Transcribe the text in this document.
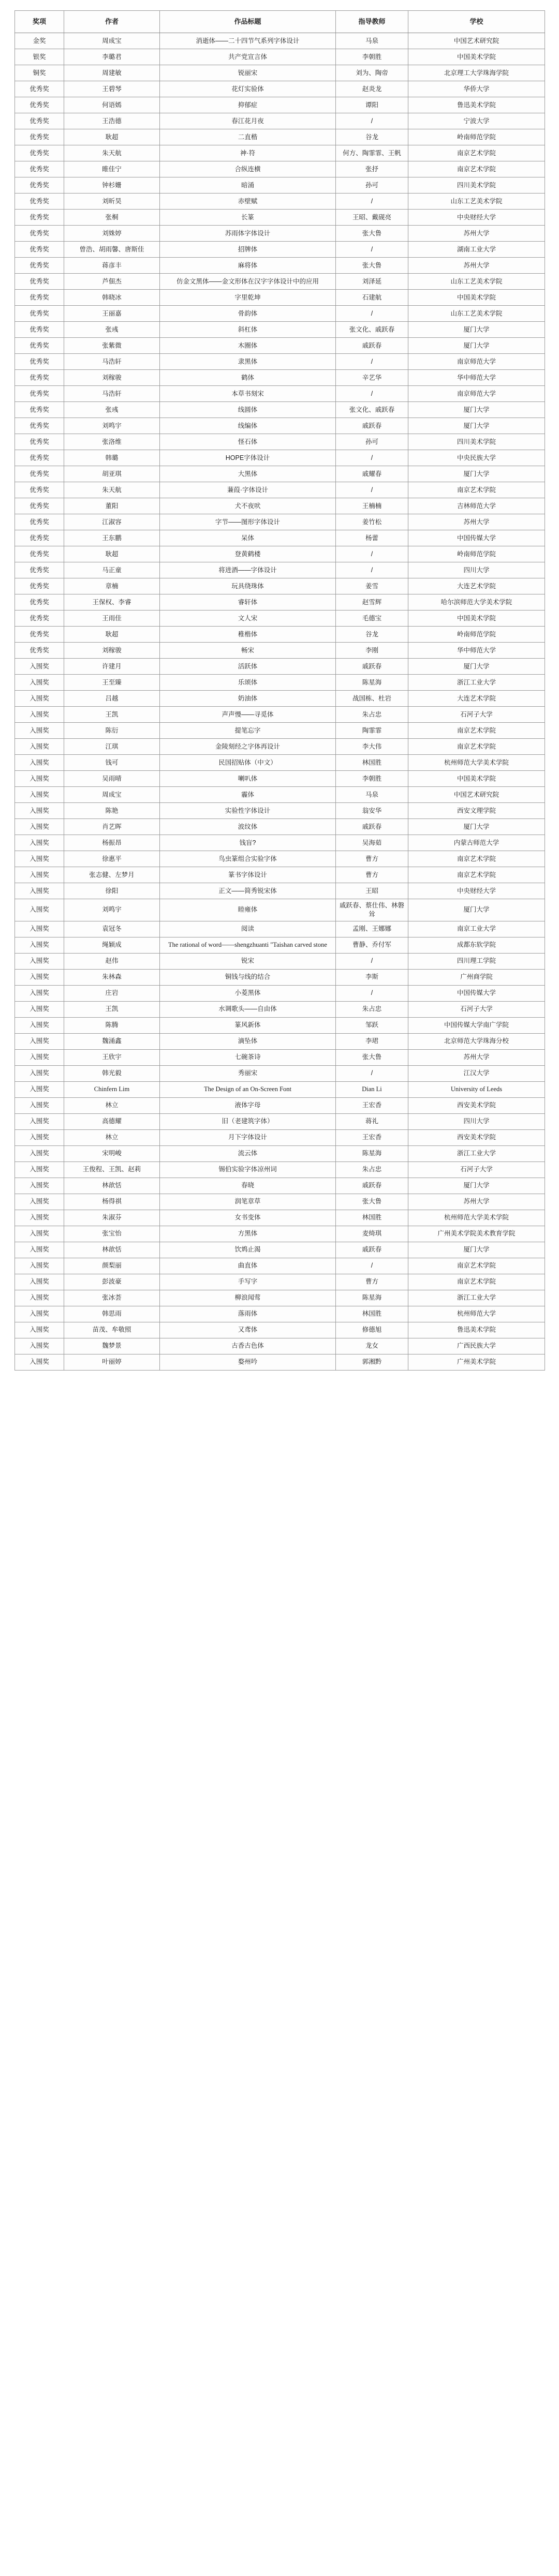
奖项	作者	作品标题	指导教师	学校
金奖	周成宝	消逝体——二十四节气系列字体设计	马泉	中国艺术研究院
银奖	李璐君	共产党宣言体	李朝胜	中国美术学院
铜奖	周建敏	锐丽宋	刘为、陶帝	北京理工大学珠海学院
优秀奖	王碧琴	花灯实验体	赵炎龙	华侨大学
优秀奖	何语嫣	抑郁症	谭阳	鲁迅美术学院
优秀奖	王浩德	春江花月夜	/	宁波大学
优秀奖	耿超	二直楷	谷龙	岭南师范学院
优秀奖	朱天航	神·符	何方、陶霏霏、王帆	南京艺术学院
优秀奖	睢佳宁	合纵连横	张抒	南京艺术学院
优秀奖	钟杉姗	暗涌	孙可	四川美术学院
优秀奖	刘昕昊	赤壁赋	/	山东工艺美术学院
优秀奖	张桐	长篆	王昭、戴砚亮	中央财经大学
优秀奖	刘姝婷	苏雨体字体设计	张大鲁	苏州大学
优秀奖	曾浩、胡雨馨、唐斯佳	招牌体	/	湖南工业大学
优秀奖	蒋彦丰	麻将体	张大鲁	苏州大学
优秀奖	芦佃杰	仿金文黑体——金文形体在汉字字体设计中的应用	刘泽延	山东工艺美术学院
优秀奖	韩晓冰	字里乾坤	石建航	中国美术学院
优秀奖	王丽嘉	骨韵体	/	山东工艺美术学院
优秀奖	张彧	斜杠体	张文化、戚跃春	厦门大学
优秀奖	张紫微	木圈体	戚跃春	厦门大学
优秀奖	马浩轩	隶黑体	/	南京师范大学
优秀奖	刘稼骏	鹤体	辛艺华	华中师范大学
优秀奖	马浩轩	本草书刻宋	/	南京师范大学
优秀奖	张彧	线圆体	张文化、戚跃春	厦门大学
优秀奖	刘鸣宇	线编体	戚跃春	厦门大学
优秀奖	张洛维	怪石体	孙可	四川美术学院
优秀奖	韩璐	HOPE字体设计	/	中央民族大学
优秀奖	胡亚琪	大黑体	戚耀春	厦门大学
优秀奖	朱天航	蒹葭·字体设计	/	南京艺术学院
优秀奖	董阳	犬不夜吠	王楠楠	吉林师范大学
优秀奖	江淑容	字节——图形字体设计	姜竹松	苏州大学
优秀奖	王东鹏	呆体	杨蕾	中国传媒大学
优秀奖	耿超	登黄鹤楼	/	岭南师范学院
优秀奖	马正童	将进酒——字体设计	/	四川大学
优秀奖	章楠	玩具绕珠体	姜雪	大连艺术学院
优秀奖	王保权、李睿	睿轩体	赵雪辉	哈尔滨师范大学美术学院
优秀奖	王雨佳	文人宋	毛德宝	中国美术学院
优秀奖	耿超	稚楷体	谷龙	岭南师范学院
优秀奖	刘稼骏	畅宋	李刚	华中师范大学
入围奖	许建月	活跃体	戚跃春	厦门大学
入围奖	王至臻	乐颂体	陈星海	浙江工业大学
入围奖	吕越	奶油体	战国栋、杜岩	大连艺术学院
入围奖	王凯	声声慢——寻觅体	朱占忠	石河子大学
入围奖	陈衍	提笔忘字	陶霏霏	南京艺术学院
入围奖	江琪	金陵刻经之字体再设计	李大伟	南京艺术学院
入围奖	钱可	民国招贴体（中文）	林国胜	杭州师范大学美术学院
入围奖	吴雨晴	喇叭体	李朝胜	中国美术学院
入围奖	周成宝	霾体	马泉	中国艺术研究院
入围奖	陈艳	实验性字体设计	翁安华	西安文理学院
入围奖	肖艺晖	波纹体	戚跃春	厦门大学
入围奖	杨振昂	钱盲?	吴海茹	内蒙古师范大学
入围奖	徐惠平	鸟虫篆组合实验字体	曹方	南京艺术学院
入围奖	张志健、左梦月	篆书字体设计	曹方	南京艺术学院
入围奖	徐阳	正文——简秀锐宋体	王昭	中央财经大学
入围奖	刘鸣宇	睦雍体	戚跃春、蔡仕伟、林磐耸	厦门大学
入围奖	袁冠冬	阅读	孟刚、王娜娜	南京工业大学
入围奖	绳颖成	The rational of word——shengzhuanti "Taishan carved stone	曹静、乔付军	成都东软学院
入围奖	赵伟	锐宋	/	四川理工学院
入围奖	朱林森	铜钱与线的结合	李斯	广州商学院
入围奖	庄岩	小菱黑体	/	中国传媒大学
入围奖	王凯	水调歌头——自由体	朱占忠	石河子大学
入围奖	陈腾	篆风新体	邹跃	中国传媒大学南广学院
入围奖	魏涌鑫	滴坠体	李珺	北京师范大学珠海分校
入围奖	王欣宇	七碗茶诗	张大鲁	苏州大学
入围奖	韩光毅	秀丽宋	/	江汉大学
入围奖	Chinfern Lim	The Design of an On-Screen Font	Dian Li	University of Leeds
入围奖	林立	液体字母	王宏香	西安美术学院
入围奖	高德耀	旧（老建筑字体）	蒋礼	四川大学
入围奖	林立	月下字体设计	王宏香	西安美术学院
入围奖	宋明峻	流云体	陈星海	浙江工业大学
入围奖	王俊程、王凯、赵莉	锡伯实验字体凉州词	朱占忠	石河子大学
入围奖	林歆恬	春晓	戚跃春	厦门大学
入围奖	杨得祺	润笔章草	张大鲁	苏州大学
入围奖	朱淑芬	女书变体	林国胜	杭州师范大学美术学院
入围奖	张宝怡	方黑体	麦绮琪	广州美术学院美术教育学院
入围奖	林歆恬	饮鸩止渴	戚跃春	厦门大学
入围奖	颜梨丽	曲直体	/	南京艺术学院
入围奖	彭波豪	手写字	曹方	南京艺术学院
入围奖	张冰荟	柳浪闻莺	陈星海	浙江工业大学
入围奖	韩思雨	落雨体	林国胜	杭州师范大学
入围奖	苗茂、牟敬照	又鸢体	修德旭	鲁迅美术学院
入围奖	魏梦景	古香古色体	龙女	广西民族大学
入围奖	叶丽婷	婺州吟	郭湘黔	广州美术学院
